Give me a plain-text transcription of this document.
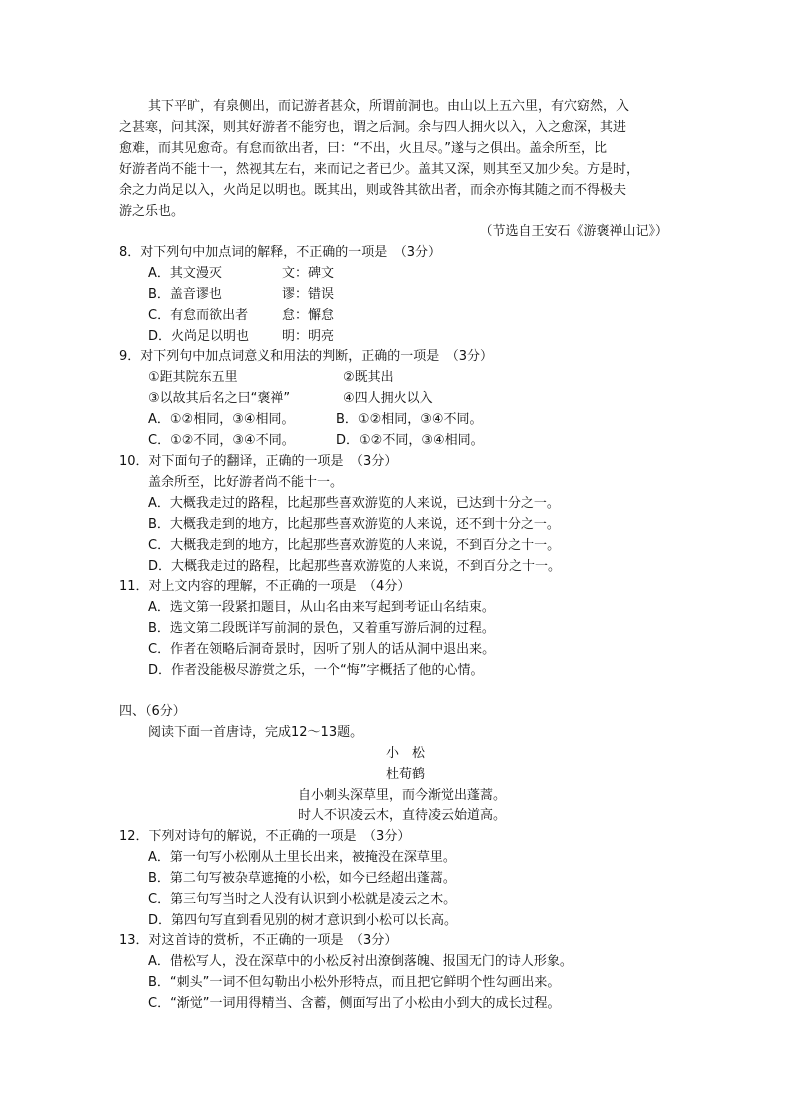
其下平旷，有泉侧出，而记游者甚众，所谓前洞也。由山以上五六里，有穴窈然，入
之甚寒，问其深，则其好游者不能穷也，谓之后洞。余与四人拥火以入，入之愈深，其进
愈难，而其见愈奇。有怠而欲出者，曰：“不出，火且尽。”遂与之俱出。盖余所至，比
好游者尚不能十一，然视其左右，来而记之者已少。盖其又深，则其至又加少矣。方是时，
余之力尚足以入，火尚足以明也。既其出，则或咎其欲出者，而余亦悔其随之而不得极夫
游之乐也。
（节选自王安石《游褒禅山记》）
8．对下列句中加点词的解释，不正确的一项是　（3分）
A．其文漫灭	文：碑文
B．盖音谬也	谬：错误
C．有怠而欲出者	怠：懈怠
D．火尚足以明也	明：明亮
9．对下列句中加点词意义和用法的判断，正确的一项是　（3分）
①距其院东五里	②既其出
③以故其后名之曰“褒禅”	④四人拥火以入
A．①②相同，③④相同。	B．①②相同，③④不同。
C．①②不同，③④不同。	D．①②不同，③④相同。
10．对下面句子的翻译，正确的一项是　（3分）
盖余所至，比好游者尚不能十一。
A．大概我走过的路程，比起那些喜欢游览的人来说，已达到十分之一。
B．大概我走到的地方，比起那些喜欢游览的人来说，还不到十分之一。
C．大概我走到的地方，比起那些喜欢游览的人来说，不到百分之十一。
D．大概我走过的路程，比起那些喜欢游览的人来说，不到百分之十一。
11．对上文内容的理解，不正确的一项是　（4分）
A．选文第一段紧扣题目，从山名由来写起到考证山名结束。
B．选文第二段既详写前洞的景色，又着重写游后洞的过程。
C．作者在领略后洞奇景时，因听了别人的话从洞中退出来。
D．作者没能极尽游赏之乐，一个“悔”字概括了他的心情。
四、（6分）
阅读下面一首唐诗，完成12～13题。
小　松
杜荀鹤
自小刺头深草里，而今渐觉出蓬蒿。
时人不识凌云木，直待凌云始道高。
12．下列对诗句的解说，不正确的一项是　（3分）
A．第一句写小松刚从土里长出来，被掩没在深草里。
B．第二句写被杂草遮掩的小松，如今已经超出蓬蒿。
C．第三句写当时之人没有认识到小松就是凌云之木。
D．第四句写直到看见别的树才意识到小松可以长高。
13．对这首诗的赏析，不正确的一项是　（3分）
A．借松写人，没在深草中的小松反衬出潦倒落魄、报国无门的诗人形象。
B．“刺头”一词不但勾勒出小松外形特点，而且把它鲜明个性勾画出来。
C．“渐觉”一词用得精当、含蓄，侧面写出了小松由小到大的成长过程。
